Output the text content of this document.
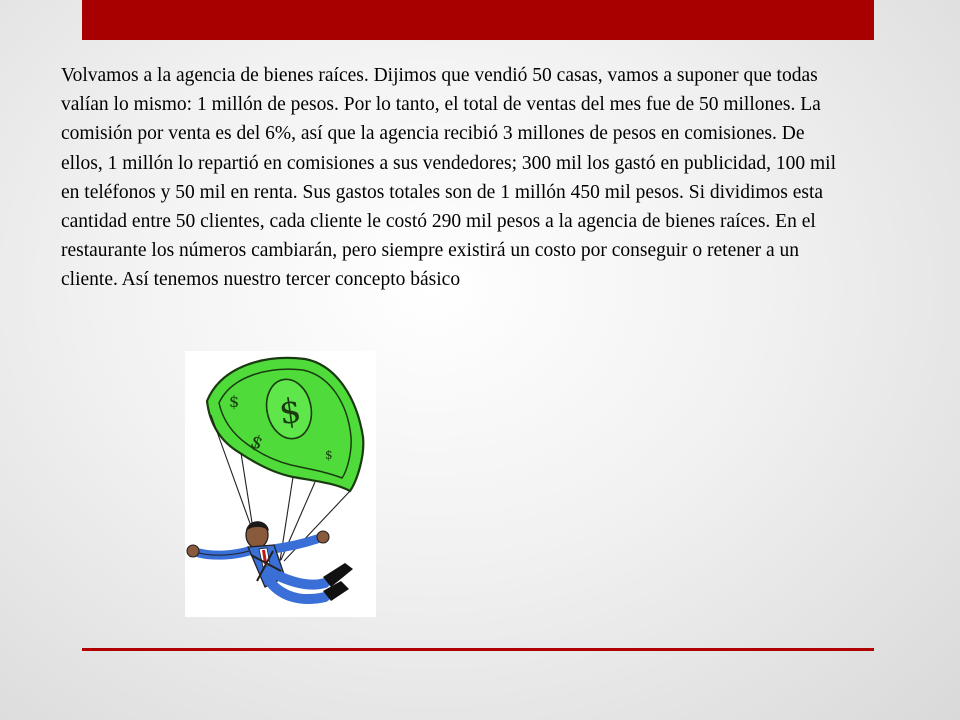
Volvamos a la agencia de bienes raíces. Dijimos que vendió 50 casas, vamos a suponer que todas valían lo mismo: 1 millón de pesos. Por lo tanto, el total de ventas del mes fue de 50 millones. La comisión por venta es del 6%, así que la agencia recibió 3 millones de pesos en comisiones. De ellos, 1 millón lo repartió en comisiones a sus vendedores; 300 mil los gastó en publicidad, 100 mil en teléfonos y 50 mil en renta. Sus gastos totales son de 1 millón 450 mil pesos. Si dividimos esta cantidad entre 50 clientes, cada cliente le costó 290 mil pesos a la agencia de bienes raíces. En el restaurante los números cambiarán, pero siempre existirá un costo por conseguir o retener a un cliente. Así tenemos nuestro tercer concepto básico

$
$
$
$
